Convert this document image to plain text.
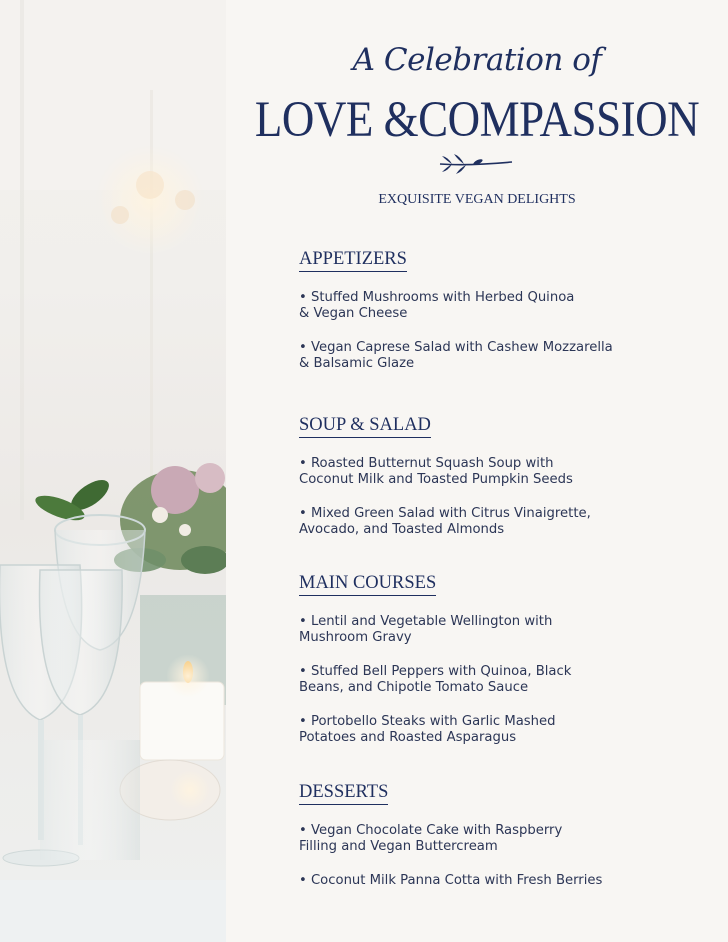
A Celebration of
LOVE &COMPASSION
EXQUISITE VEGAN DELIGHTS
APPETIZERS
• Stuffed Mushrooms with Herbed Quinoa
& Vegan Cheese
• Vegan Caprese Salad with Cashew Mozzarella
& Balsamic Glaze
SOUP & SALAD
• Roasted Butternut Squash Soup with
Coconut Milk and Toasted Pumpkin Seeds
• Mixed Green Salad with Citrus Vinaigrette,
Avocado, and Toasted Almonds
MAIN COURSES
• Lentil and Vegetable Wellington with
Mushroom Gravy
• Stuffed Bell Peppers with Quinoa, Black
Beans, and Chipotle Tomato Sauce
• Portobello Steaks with Garlic Mashed
Potatoes and Roasted Asparagus
DESSERTS
• Vegan Chocolate Cake with Raspberry
Filling and Vegan Buttercream
• Coconut Milk Panna Cotta with Fresh Berries
